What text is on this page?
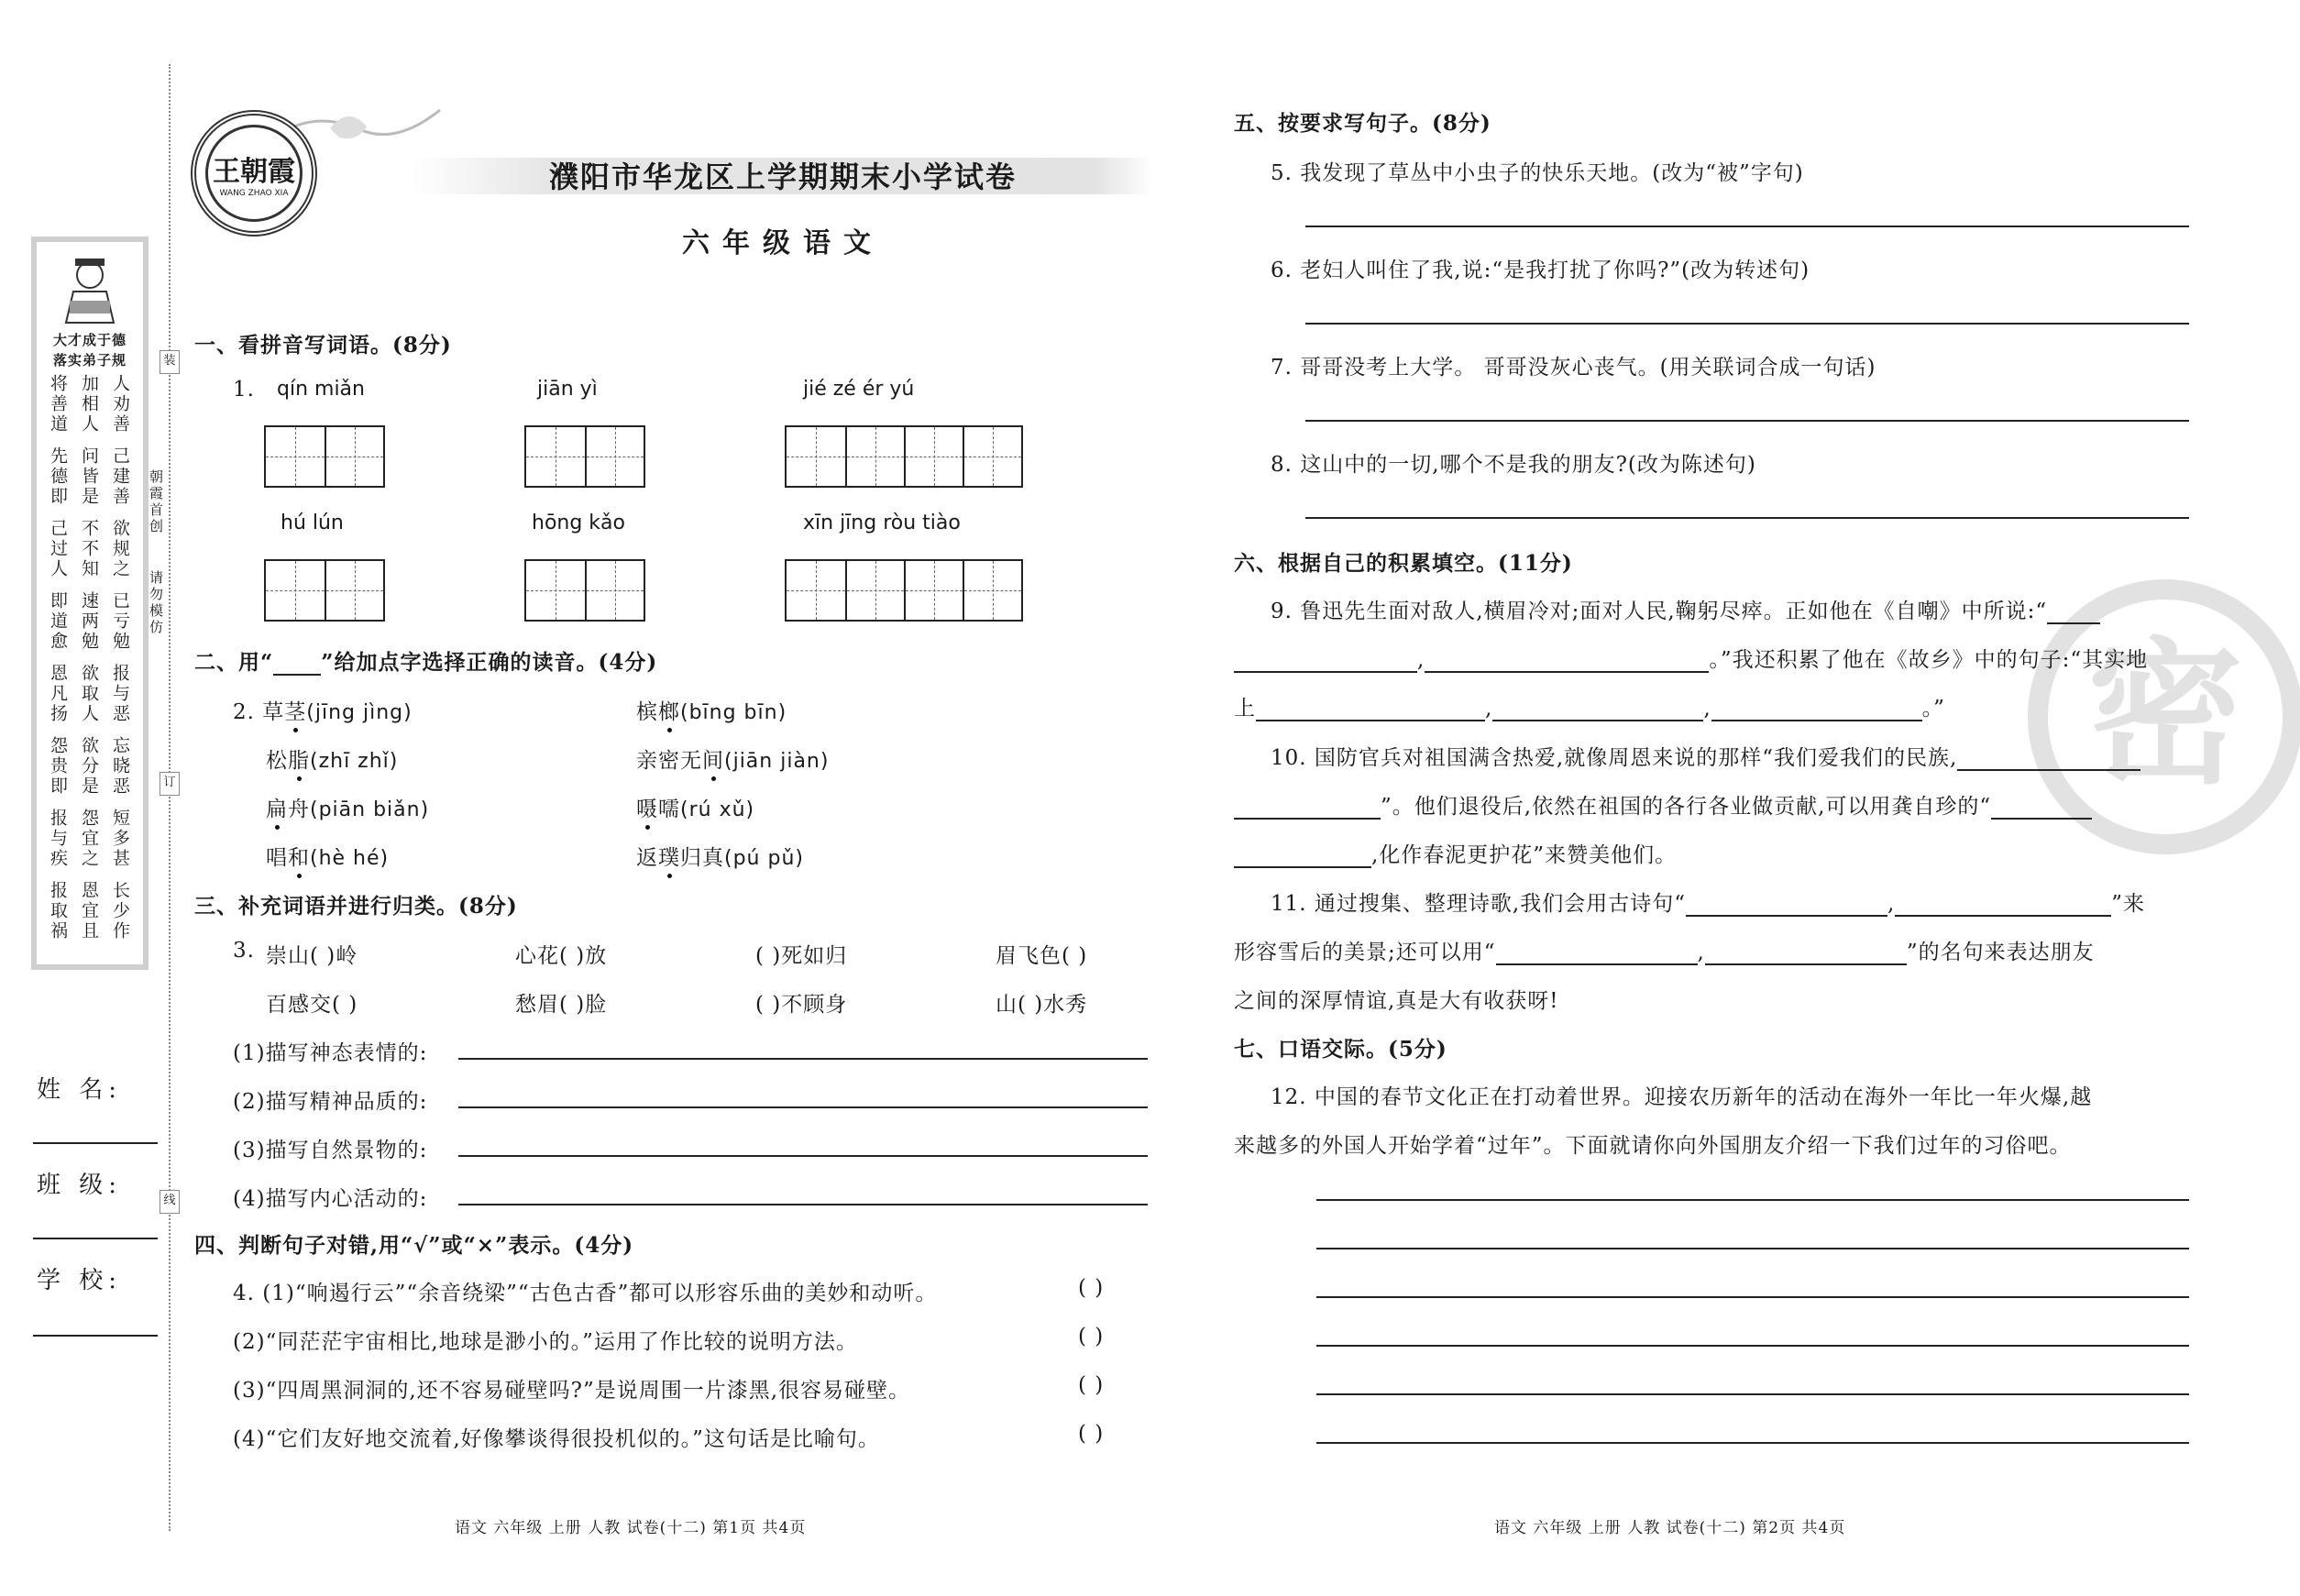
大才成于德
落实弟子规
将善道 加相人 人劝善
先德即 问皆是 己建善
己过人 不不知 欲规之
即道愈 速两勉 已亏勉
恩凡扬 欲取人 报与恶
怨贵即 欲分是 忘晓恶
报与疾 怨宜之 短多甚
报取祸 恩宜且 长少作
装
订
线
朝霞首创
请勿模仿
姓 名:
班 级:
学 校:
王朝霞
WANG ZHAO XIA	濮阳市华龙区上学期期末小学试卷
六年级语文
一、看拼音写词语。(8分)
1. qín miǎn	jiān yì	jié zé ér yú
hú lún	hōng kǎo	xīn jīng ròu tiào
二、用“ ”给加点字选择正确的读音。(4分)
2. 草茎(jīng jìng)	槟榔(bīng bīn)
松脂(zhī zhǐ)	亲密无间(jiān jiàn)
扁舟(piān biǎn)	嗫嚅(rú xǔ)
唱和(hè hé)	返璞归真(pú pǔ)
三、补充词语并进行归类。(8分)
3. 崇山( )岭	心花( )放	( )死如归	眉飞色( )
百感交( )	愁眉( )脸	( )不顾身	山( )水秀
(1)描写神态表情的:
(2)描写精神品质的:
(3)描写自然景物的:
(4)描写内心活动的:
四、判断句子对错,用“√”或“×”表示。(4分)
4. (1)“响遏行云”“余音绕梁”“古色古香”都可以形容乐曲的美妙和动听。	( )
(2)“同茫茫宇宙相比,地球是渺小的。”运用了作比较的说明方法。	( )
(3)“四周黑洞洞的,还不容易碰壁吗?”是说周围一片漆黑,很容易碰壁。	( )
(4)“它们友好地交流着,好像攀谈得很投机似的。”这句话是比喻句。	( )
语文 六年级 上册 人教 试卷(十二) 第1页 共4页
密
五、按要求写句子。(8分)
5. 我发现了草丛中小虫子的快乐天地。(改为“被”字句)
6. 老妇人叫住了我,说:“是我打扰了你吗?”(改为转述句)
7. 哥哥没考上大学。 哥哥没灰心丧气。(用关联词合成一句话)
8. 这山中的一切,哪个不是我的朋友?(改为陈述句)
六、根据自己的积累填空。(11分)
9. 鲁迅先生面对敌人,横眉冷对;面对人民,鞠躬尽瘁。正如他在《自嘲》中所说:“
,	。”我还积累了他在《故乡》中的句子:“其实地
上	,	,	。”
10. 国防官兵对祖国满含热爱,就像周恩来说的那样“我们爱我们的民族,
”。他们退役后,依然在祖国的各行各业做贡献,可以用龚自珍的“
,化作春泥更护花”来赞美他们。
11. 通过搜集、整理诗歌,我们会用古诗句“	,	”来
形容雪后的美景;还可以用“	,	”的名句来表达朋友
之间的深厚情谊,真是大有收获呀!
七、口语交际。(5分)
12. 中国的春节文化正在打动着世界。迎接农历新年的活动在海外一年比一年火爆,越
来越多的外国人开始学着“过年”。下面就请你向外国朋友介绍一下我们过年的习俗吧。
语文 六年级 上册 人教 试卷(十二) 第2页 共4页
